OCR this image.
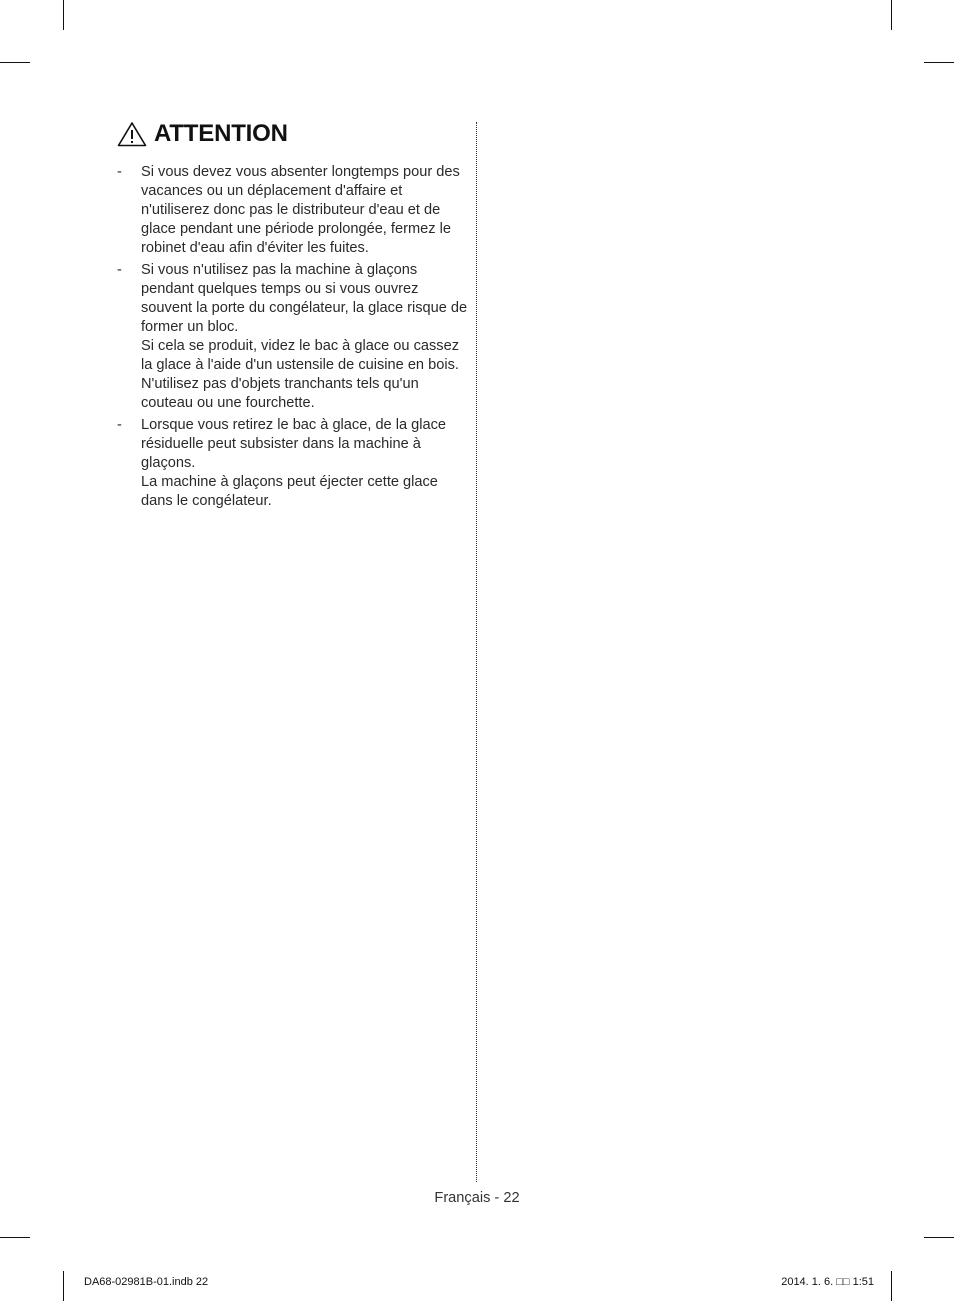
ATTENTION
-	Si vous devez vous absenter longtemps pour des vacances ou un déplacement d'affaire et n'utiliserez donc pas le distributeur d'eau et de glace pendant une période prolongée, fermez le robinet d'eau afin d'éviter les fuites.

-	Si vous n'utilisez pas la machine à glaçons pendant quelques temps ou si vous ouvrez souvent la porte du congélateur, la glace risque de former un bloc.

Si cela se produit, videz le bac à glace ou cassez la glace à l'aide d'un ustensile de cuisine en bois.

N'utilisez pas d'objets tranchants tels qu'un couteau ou une fourchette.

-	Lorsque vous retirez le bac à glace, de la glace résiduelle peut subsister dans la machine à glaçons.

La machine à glaçons peut éjecter cette glace dans le congélateur.

Français - 22
DA68-02981B-01.indb 22	2014. 1. 6. □□ 1:51
